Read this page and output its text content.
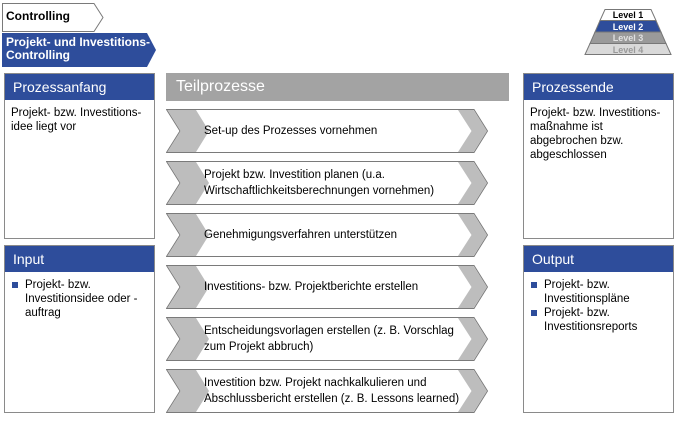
Controlling
Projekt- und Investitions-Controlling
Level 1
Level 2
Level 3
Level 4
Prozessanfang
Projekt- bzw. Investitions-idee liegt vor
Input
Projekt- bzw. Investitionsidee oder -auftrag
Teilprozesse
Set-up des Prozesses vornehmen
Projekt bzw. Investition planen (u.a. Wirtschaftlichkeitsberechnungen vornehmen)
Genehmigungsverfahren unterstützen
Investitions- bzw. Projektberichte erstellen
Entscheidungsvorlagen erstellen (z. B. Vorschlag zum Projekt abbruch)
Investition bzw. Projekt nachkalkulieren und Abschlussbericht erstellen (z. B. Lessons learned)
Prozessende
Projekt- bzw. Investitions-maßnahme ist abgebrochen bzw. abgeschlossen
Output
Projekt- bzw. Investitionspläne
Projekt- bzw. Investitionsreports
